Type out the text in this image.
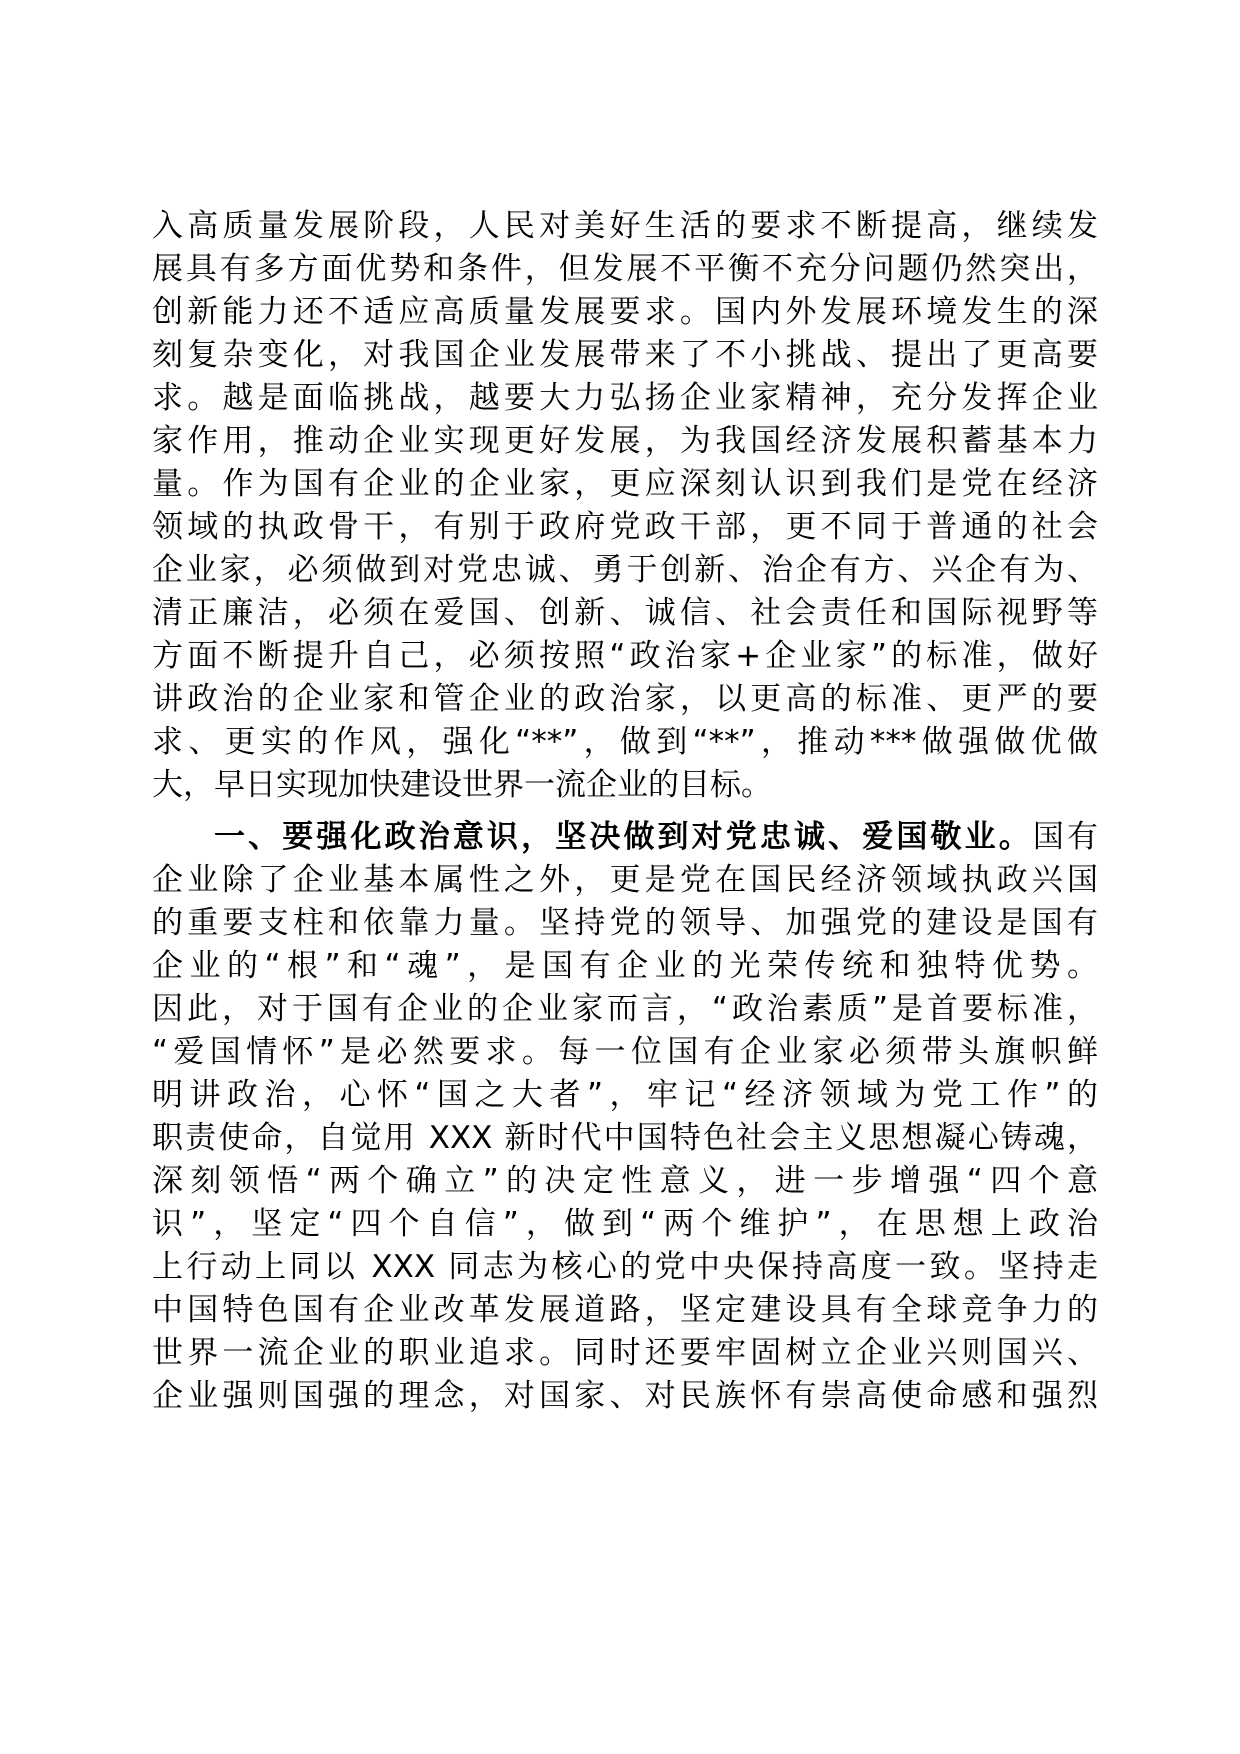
入高质量发展阶段，人民对美好生活的要求不断提高，继续发
展具有多方面优势和条件，但发展不平衡不充分问题仍然突出，
创新能力还不适应高质量发展要求。国内外发展环境发生的深
刻复杂变化，对我国企业发展带来了不小挑战、提出了更高要
求。越是面临挑战，越要大力弘扬企业家精神，充分发挥企业
家作用，推动企业实现更好发展，为我国经济发展积蓄基本力
量。作为国有企业的企业家，更应深刻认识到我们是党在经济
领域的执政骨干，有别于政府党政干部，更不同于普通的社会
企业家，必须做到对党忠诚、勇于创新、治企有方、兴企有为、
清正廉洁，必须在爱国、创新、诚信、社会责任和国际视野等
方面不断提升自己，必须按照“政治家+企业家”的标准，做好
讲政治的企业家和管企业的政治家，以更高的标准、更严的要
求、更实的作风，强化“**”，做到“**”，推动***做强做优做
大，早日实现加快建设世界一流企业的目标。
一、要强化政治意识，坚决做到对党忠诚、爱国敬业。国有
企业除了企业基本属性之外，更是党在国民经济领域执政兴国
的重要支柱和依靠力量。坚持党的领导、加强党的建设是国有
企业的“根”和“魂”，是国有企业的光荣传统和独特优势。
因此，对于国有企业的企业家而言，“政治素质”是首要标准，
“爱国情怀”是必然要求。每一位国有企业家必须带头旗帜鲜
明讲政治，心怀“国之大者”，牢记“经济领域为党工作”的
职责使命，自觉用 XXX 新时代中国特色社会主义思想凝心铸魂，
深刻领悟“两个确立”的决定性意义，进一步增强“四个意
识”，坚定“四个自信”，做到“两个维护”，在思想上政治
上行动上同以 XXX 同志为核心的党中央保持高度一致。坚持走
中国特色国有企业改革发展道路，坚定建设具有全球竞争力的
世界一流企业的职业追求。同时还要牢固树立企业兴则国兴、
企业强则国强的理念，对国家、对民族怀有崇高使命感和强烈
